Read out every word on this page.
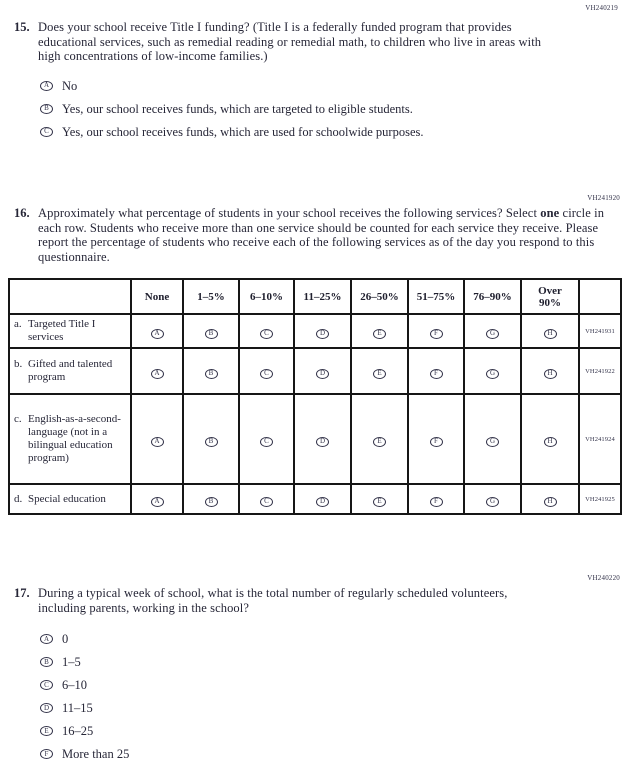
VH240219
15. Does your school receive Title I funding? (Title I is a federally funded program that provides educational services, such as remedial reading or remedial math, to children who live in areas with high concentrations of low-income families.)
A	No
B	Yes, our school receives funds, which are targeted to eligible students.
C	Yes, our school receives funds, which are used for schoolwide purposes.
VH241920
16. Approximately what percentage of students in your school receives the following services? Select one circle in each row. Students who receive more than one service should be counted for each service they receive. Please report the percentage of students who receive each of the following services as of the day you respond to this questionnaire.
	None	1–5%	6–10%	11–25%	26–50%	51–75%	76–90%	Over 90%	

a. Targeted Title I services	A	B	C	D	E	F	G	H	VH241931

b. Gifted and talented program	A	B	C	D	E	F	G	H	VH241922

c. English-as-a-second-language (not in a bilingual education program)	A	B	C	D	E	F	G	H	VH241924

d. Special education	A	B	C	D	E	F	G	H	VH241925
VH240220
17. During a typical week of school, what is the total number of regularly scheduled volunteers, including parents, working in the school?
A	0
B	1–5
C	6–10
D	11–15
E	16–25
F	More than 25
